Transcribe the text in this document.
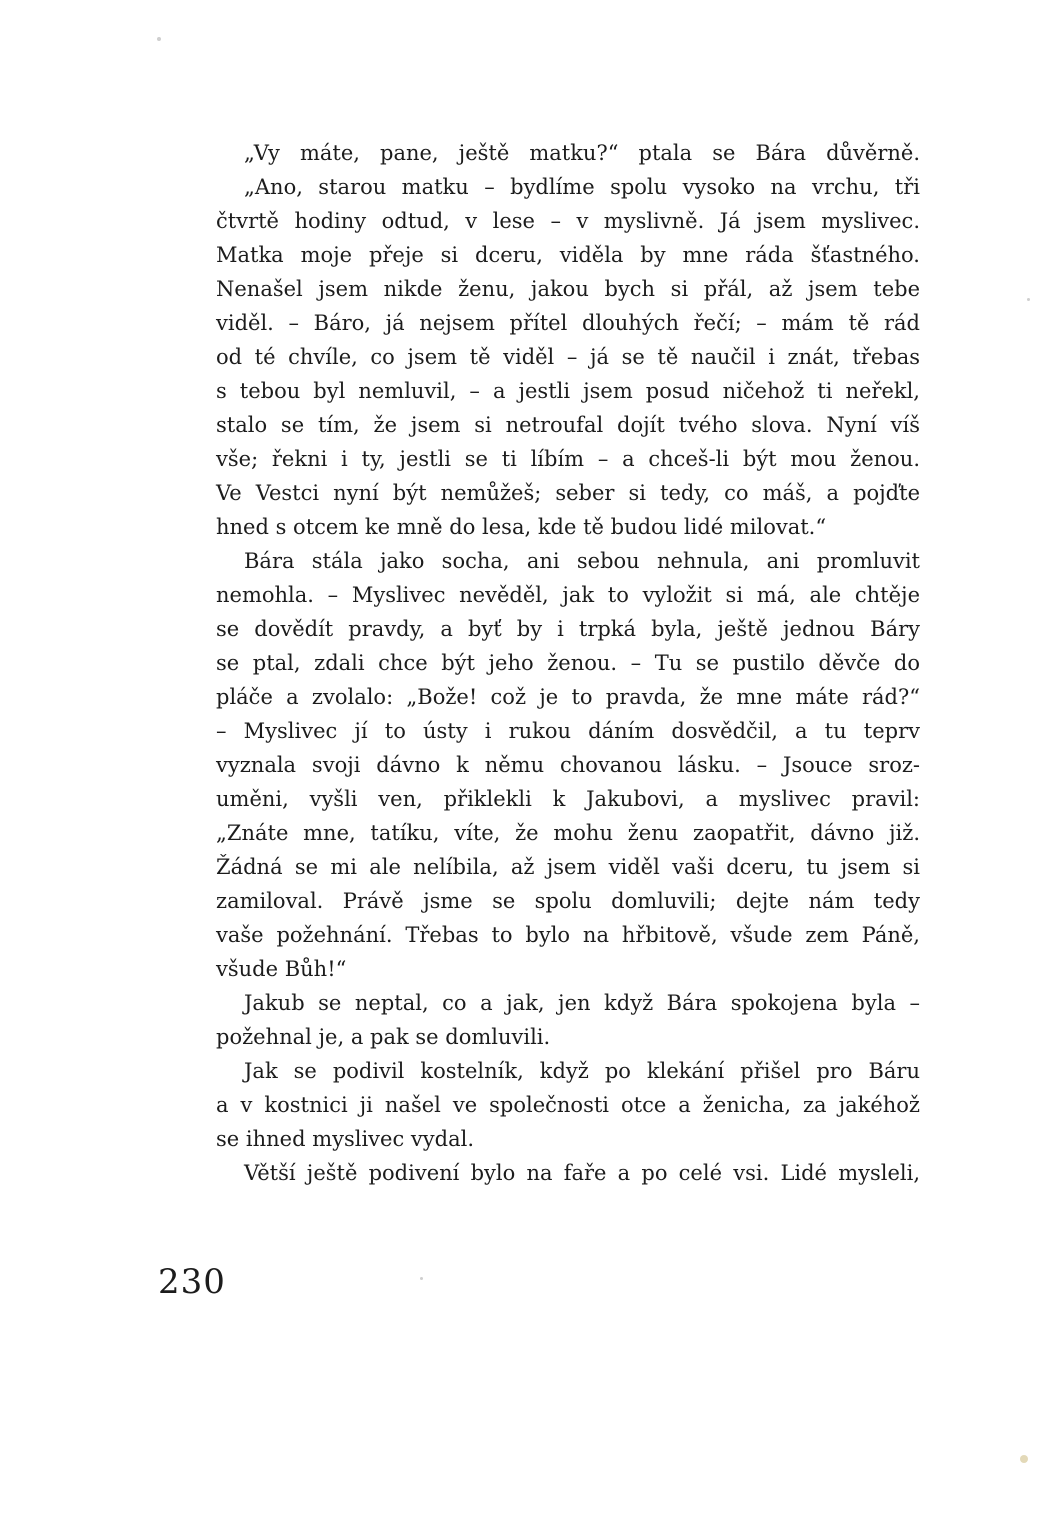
„Vy máte, pane, ještě matku?“ ptala se Bára důvěrně.
„Ano, starou matku – bydlíme spolu vysoko na vrchu, tři
čtvrtě hodiny odtud, v lese – v myslivně. Já jsem myslivec.
Matka moje přeje si dceru, viděla by mne ráda šťastného.
Nenašel jsem nikde ženu, jakou bych si přál, až jsem tebe
viděl. – Báro, já nejsem přítel dlouhých řečí; – mám tě rád
od té chvíle, co jsem tě viděl – já se tě naučil i znát, třebas
s tebou byl nemluvil, – a jestli jsem posud ničehož ti neřekl,
stalo se tím, že jsem si netroufal dojít tvého slova. Nyní víš
vše; řekni i ty, jestli se ti líbím – a chceš-li být mou ženou.
Ve Vestci nyní být nemůžeš; seber si tedy, co máš, a pojďte
hned s otcem ke mně do lesa, kde tě budou lidé milovat.“
Bára stála jako socha, ani sebou nehnula, ani promluvit
nemohla. – Myslivec nevěděl, jak to vyložit si má, ale chtěje
se dovědít pravdy, a byť by i trpká byla, ještě jednou Báry
se ptal, zdali chce být jeho ženou. – Tu se pustilo děvče do
pláče a zvolalo: „Bože! což je to pravda, že mne máte rád?“
– Myslivec jí to ústy i rukou dáním dosvědčil, a tu teprv
vyznala svoji dávno k němu chovanou lásku. – Jsouce sroz-
uměni, vyšli ven, přiklekli k Jakubovi, a myslivec pravil:
„Znáte mne, tatíku, víte, že mohu ženu zaopatřit, dávno již.
Žádná se mi ale nelíbila, až jsem viděl vaši dceru, tu jsem si
zamiloval. Právě jsme se spolu domluvili; dejte nám tedy
vaše požehnání. Třebas to bylo na hřbitově, všude zem Páně,
všude Bůh!“
Jakub se neptal, co a jak, jen když Bára spokojena byla –
požehnal je, a pak se domluvili.
Jak se podivil kostelník, když po klekání přišel pro Báru
a v kostnici ji našel ve společnosti otce a ženicha, za jakéhož
se ihned myslivec vydal.
Větší ještě podivení bylo na faře a po celé vsi. Lidé mysleli,
230
